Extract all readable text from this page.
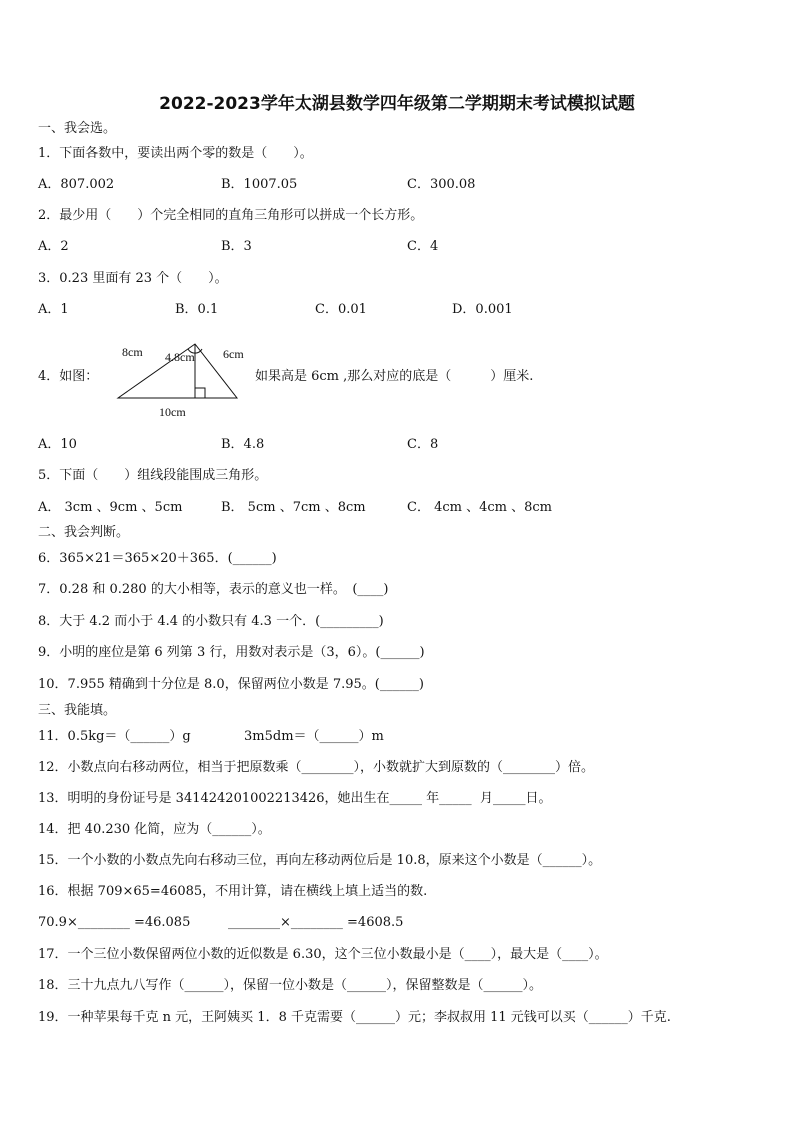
2022-2023学年太湖县数学四年级第二学期期末考试模拟试题
一、我会选。
1．下面各数中，要读出两个零的数是（　　）。
A．807.002	B．1007.05	C．300.08
2．最少用（　　）个完全相同的直角三角形可以拼成一个长方形。
A．2	B．3	C．4
3．0.23 里面有 23 个（　　）。
A．1	B．0.1	C．0.01	D．0.001
4．如图：
8cm 4.8cm 6cm
10cm
如果高是 6cm ,那么对应的底是（　　　）厘米.
A．10	B．4.8	C．8
5．下面（　　）组线段能围成三角形。
A． 3cm 、9cm 、5cm	B． 5cm 、7cm 、8cm	C． 4cm 、4cm 、8cm
二、我会判断。
6．365×21＝365×20＋365．(______)
7．0.28 和 0.280 的大小相等，表示的意义也一样。　(____)
8．大于 4.2 而小于 4.4 的小数只有 4.3 一个．(_________)
9．小明的座位是第 6 列第 3 行，用数对表示是（3，6）。(______)
10．7.955 精确到十分位是 8.0，保留两位小数是 7.95。(______)
三、我能填。
11．0.5kg＝（______）g	3m5dm＝（______）m
12．小数点向右移动两位，相当于把原数乘（________），小数就扩大到原数的（________）倍。
13．明明的身份证号是 341424201002213426，她出生在_____ 年_____  月_____日。
14．把 40.230 化简，应为（______）。
15．一个小数的小数点先向右移动三位，再向左移动两位后是 10.8，原来这个小数是（______）。
16．根据 709×65=46085，不用计算，请在横线上填上适当的数.
70.9×________ =46.085	________×________ =4608.5
17．一个三位小数保留两位小数的近似数是 6.30，这个三位小数最小是（____），最大是（____）。
18．三十九点九八写作（______），保留一位小数是（______），保留整数是（______）。
19．一种苹果每千克 n 元，王阿姨买 1．8 千克需要（______）元；李叔叔用 11 元钱可以买（______）千克.
